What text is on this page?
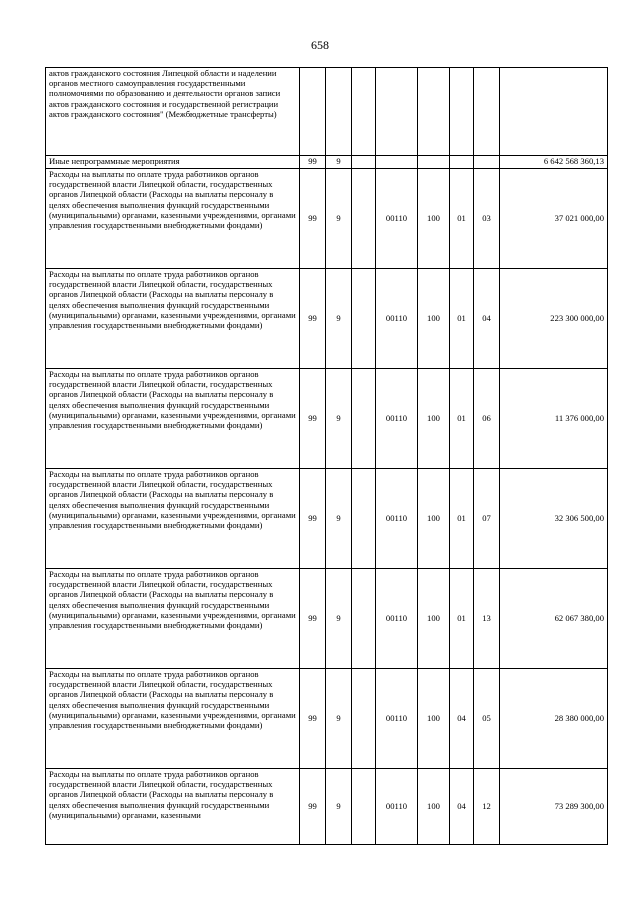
658
актов гражданского состояния Липецкой области и наделении органов местного самоуправления государственными полномочиями по образованию и деятельности органов записи актов гражданского состояния и государственной регистрации актов гражданского состояния" (Межбюджетные трансферты)								
Иные непрограммные мероприятия	99	9						6 642 568 360,13
Расходы на выплаты по оплате труда работников органов государственной власти Липецкой области, государственных органов Липецкой области (Расходы на выплаты персоналу в целях обеспечения выполнения функций государственными (муниципальными) органами, казенными учреждениями, органами управления государственными внебюджетными фондами)	99	9		00110	100	01	03	37 021 000,00
Расходы на выплаты по оплате труда работников органов государственной власти Липецкой области, государственных органов Липецкой области (Расходы на выплаты персоналу в целях обеспечения выполнения функций государственными (муниципальными) органами, казенными учреждениями, органами управления государственными внебюджетными фондами)	99	9		00110	100	01	04	223 300 000,00
Расходы на выплаты по оплате труда работников органов государственной власти Липецкой области, государственных органов Липецкой области (Расходы на выплаты персоналу в целях обеспечения выполнения функций государственными (муниципальными) органами, казенными учреждениями, органами управления государственными внебюджетными фондами)	99	9		00110	100	01	06	11 376 000,00
Расходы на выплаты по оплате труда работников органов государственной власти Липецкой области, государственных органов Липецкой области (Расходы на выплаты персоналу в целях обеспечения выполнения функций государственными (муниципальными) органами, казенными учреждениями, органами управления государственными внебюджетными фондами)	99	9		00110	100	01	07	32 306 500,00
Расходы на выплаты по оплате труда работников органов государственной власти Липецкой области, государственных органов Липецкой области (Расходы на выплаты персоналу в целях обеспечения выполнения функций государственными (муниципальными) органами, казенными учреждениями, органами управления государственными внебюджетными фондами)	99	9		00110	100	01	13	62 067 380,00
Расходы на выплаты по оплате труда работников органов государственной власти Липецкой области, государственных органов Липецкой области (Расходы на выплаты персоналу в целях обеспечения выполнения функций государственными (муниципальными) органами, казенными учреждениями, органами управления государственными внебюджетными фондами)	99	9		00110	100	04	05	28 380 000,00
Расходы на выплаты по оплате труда работников органов государственной власти Липецкой области, государственных органов Липецкой области (Расходы на выплаты персоналу в целях обеспечения выполнения функций государственными (муниципальными) органами, казенными	99	9		00110	100	04	12	73 289 300,00
